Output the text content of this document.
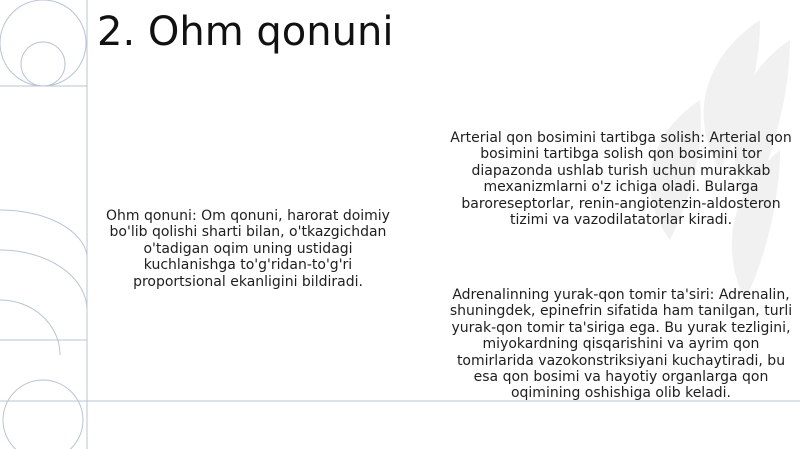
2. Ohm qonuni

Ohm qonuni: Om qonuni, harorat doimiy bo'lib qolishi sharti bilan, o'tkazgichdan o'tadigan oqim uning ustidagi kuchlanishga to'g'ridan-to'g'ri proportsional ekanligini bildiradi.

Arterial qon bosimini tartibga solish: Arterial qon bosimini tartibga solish qon bosimini tor diapazonda ushlab turish uchun murakkab mexanizmlarni o'z ichiga oladi. Bularga baroreseptorlar, renin-angiotenzin-aldosteron tizimi va vazodilatatorlar kiradi.

Adrenalinning yurak-qon tomir ta'siri: Adrenalin, shuningdek, epinefrin sifatida ham tanilgan, turli yurak-qon tomir ta'siriga ega. Bu yurak tezligini, miyokardning qisqarishini va ayrim qon tomirlarida vazokonstriksiyani kuchaytiradi, bu esa qon bosimi va hayotiy organlarga qon oqimining oshishiga olib keladi.
